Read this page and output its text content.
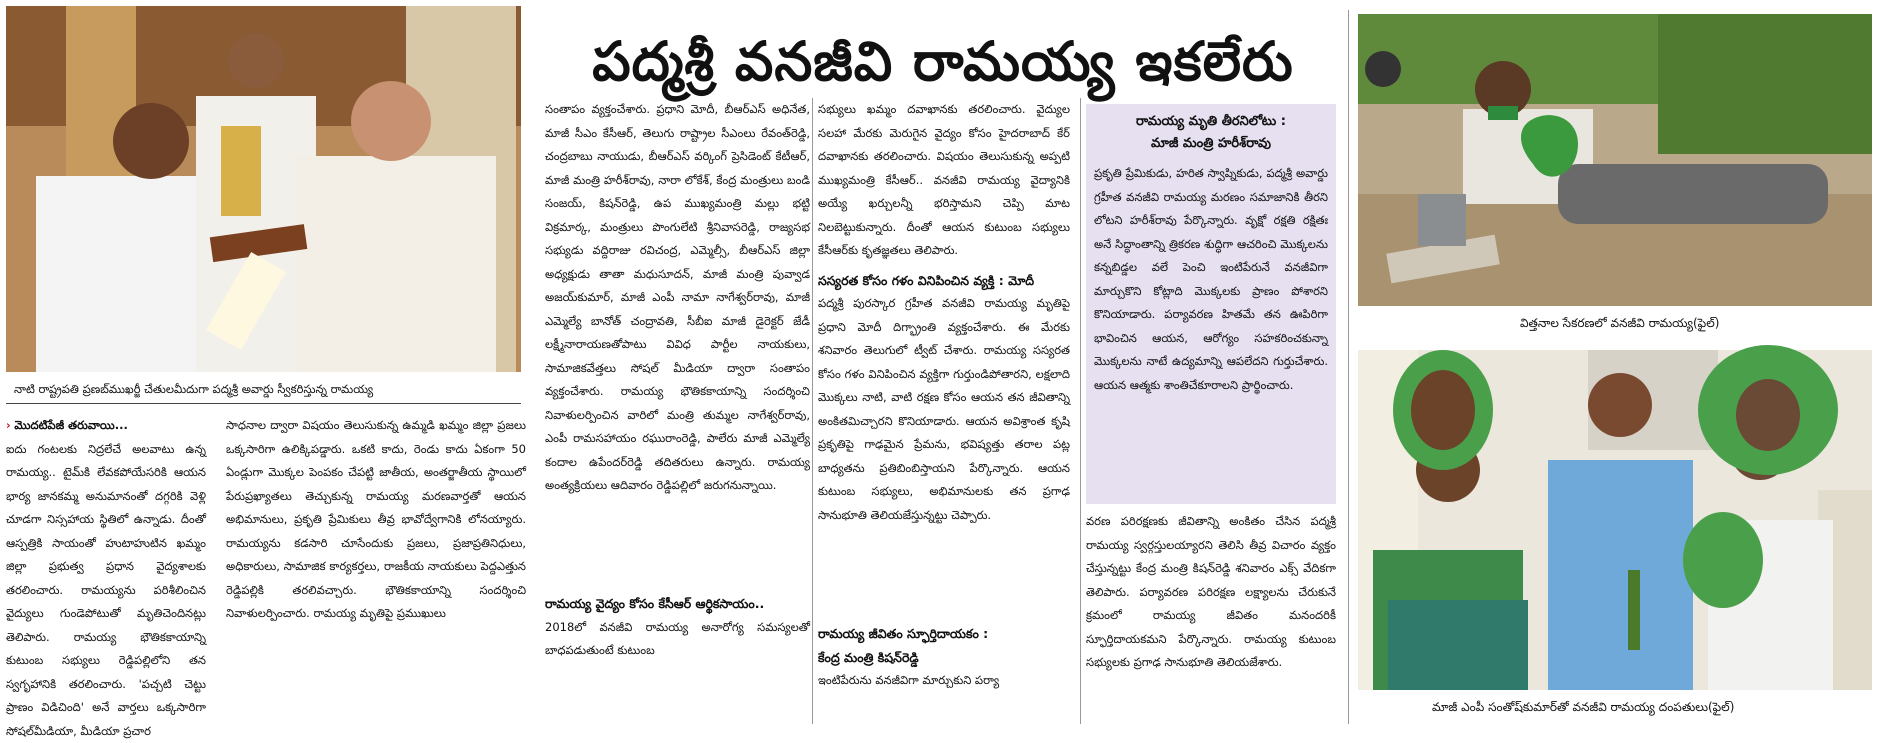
పద్మశ్రీ వనజీవి రామయ్య ఇకలేరు
నాటి రాష్ట్రపతి ప్రణబ్‌ముఖర్జీ చేతులమీదుగా పద్మశ్రీ అవార్డు స్వీకరిస్తున్న రామయ్య

› మొదటిపేజీ తరువాయి...

ఐదు గంటలకు నిద్రలేచే అలవాటు ఉన్న రామయ్య.. టైమ్‌కి లేవకపోయేసరికి ఆయన భార్య జానకమ్మ అనుమానంతో దగ్గరికి వెళ్లి చూడగా నిస్సహాయ స్థితిలో ఉన్నాడు. దీంతో ఆస్పత్రికి సాయంతో హుటాహుటిన ఖమ్మం జిల్లా ప్రభుత్వ ప్రధాన వైద్యశాలకు తరలించారు. రామయ్యను పరిశీలించిన వైద్యులు గుండెపోటుతో మృతిచెందినట్లు తెలిపారు. రామయ్య భౌతికకాయాన్ని కుటుంబ సభ్యులు రెడ్డిపల్లిలోని తన స్వగృహానికి తరలించారు. 'పచ్చటి చెట్టు ప్రాణం విడిచింది' అనే వార్తలు ఒక్కసారిగా సోషల్‌మీడియా, మీడియా ప్రచార

సంతాపం వ్యక్తంచేశారు. ప్రధాని మోదీ, బీఆర్‌ఎస్ అధినేత, మాజీ సీఎం కేసీఆర్, తెలుగు రాష్ట్రాల సీఎంలు రేవంత్‌రెడ్డి, చంద్రబాబు నాయుడు, బీఆర్‌ఎస్ వర్కింగ్ ప్రెసిడెంట్ కేటీఆర్, మాజీ మంత్రి హరీశ్‌రావు, నారా లోకేశ్, కేంద్ర మంత్రులు బండి సంజయ్, కిషన్‌రెడ్డి, ఉప ముఖ్యమంత్రి మల్లు భట్టి విక్రమార్క, మంత్రులు పొంగులేటి శ్రీనివాసరెడ్డి, రాజ్యసభ సభ్యుడు వద్దిరాజు రవిచంద్ర, ఎమ్మెల్సీ, బీఆర్‌ఎస్ జిల్లా అధ్యక్షుడు తాతా మధుసూదన్, మాజీ మంత్రి పువ్వాడ అజయ్‌కుమార్, మాజీ ఎంపీ నామా నాగేశ్వర్‌రావు, మాజీ ఎమ్మెల్యే బానోత్ చంద్రావతి, సీబీఐ మాజీ డైరెక్టర్ జేడీ లక్ష్మీనారాయణతోపాటు వివిధ పార్టీల నాయకులు, సామాజికవేత్తలు సోషల్ మీడియా ద్వారా సంతాపం వ్యక్తంచేశారు. రామయ్య భౌతికకాయాన్ని సందర్శించి నివాళులర్పించిన వారిలో మంత్రి తుమ్మల నాగేశ్వర్‌రావు, ఎంపీ రామసహాయం రఘురాంరెడ్డి, పాలేరు మాజీ ఎమ్మెల్యే కందాల ఉపేందర్‌రెడ్డి తదితరులు ఉన్నారు. రామయ్య అంత్యక్రియలు ఆదివారం రెడ్డిపల్లిలో జరుగనున్నాయి.

సాధనాల ద్వారా విషయం తెలుసుకున్న ఉమ్మడి ఖమ్మం జిల్లా ప్రజలు ఒక్కసారిగా ఉలిక్కిపడ్డారు. ఒకటి కాదు, రెండు కాదు ఏకంగా 50 ఏండ్లుగా మొక్కల పెంపకం చేపట్టి జాతీయ, అంతర్జాతీయ స్థాయిలో పేరుప్రఖ్యాతలు తెచ్చుకున్న రామయ్య మరణవార్తతో ఆయన అభిమానులు, ప్రకృతి ప్రేమికులు తీవ్ర భావోద్వేగానికి లోనయ్యారు. రామయ్యను కడసారి చూసేందుకు ప్రజలు, ప్రజాప్రతినిధులు, అధికారులు, సామాజిక కార్యకర్తలు, రాజకీయ నాయకులు పెద్దఎత్తున రెడ్డిపల్లికి తరలివచ్చారు. భౌతికకాయాన్ని సందర్శించి నివాళులర్పించారు. రామయ్య మృతిపై ప్రముఖులు

రామయ్య వైద్యం కోసం కేసీఆర్ ఆర్థికసాయం..

2018లో వనజీవి రామయ్య అనారోగ్య సమస్యలతో బాధపడుతుంటే కుటుంబ

సభ్యులు ఖమ్మం దవాఖానకు తరలించారు. వైద్యుల సలహా మేరకు మెరుగైన వైద్యం కోసం హైదరాబాద్ కేర్ దవాఖానకు తరలించారు. విషయం తెలుసుకున్న అప్పటి ముఖ్యమంత్రి కేసీఆర్.. వనజీవి రామయ్య వైద్యానికి అయ్యే ఖర్చులన్నీ భరిస్తామని చెప్పి మాట నిలబెట్టుకున్నారు. దీంతో ఆయన కుటుంబ సభ్యులు కేసీఆర్‌కు కృతజ్ఞతలు తెలిపారు.

సస్యరత కోసం గళం వినిపించిన వ్యక్తి : మోదీ

పద్మశ్రీ పురస్కార గ్రహీత వనజీవి రామయ్య మృతిపై ప్రధాని మోదీ దిగ్భ్రాంతి వ్యక్తంచేశారు. ఈ మేరకు శనివారం తెలుగులో ట్వీట్ చేశారు. రామయ్య సస్యరత కోసం గళం వినిపించిన వ్యక్తిగా గుర్తుండిపోతారని, లక్షలాది మొక్కలు నాటి, వాటి రక్షణ కోసం ఆయన తన జీవితాన్ని అంకితమిచ్చారని కొనియాడారు. ఆయన అవిశ్రాంత కృషి ప్రకృతిపై గాఢమైన ప్రేమను, భవిష్యత్తు తరాల పట్ల బాధ్యతను ప్రతిబింబిస్తాయని పేర్కొన్నారు. ఆయన కుటుంబ సభ్యులు, అభిమానులకు తన ప్రగాఢ సానుభూతి తెలియజేస్తున్నట్టు చెప్పారు.

రామయ్య జీవితం స్ఫూర్తిదాయకం :

కేంద్ర మంత్రి కిషన్‌రెడ్డి

ఇంటిపేరును వనజీవిగా మార్చుకుని పర్యా

రామయ్య మృతి తీరనిలోటు :
మాజీ మంత్రి హరీశ్‌రావు
ప్రకృతి ప్రేమికుడు, హరిత స్వాప్నికుడు, పద్మశ్రీ అవార్డు గ్రహీత వనజీవి రామయ్య మరణం సమాజానికి తీరని లోటని హరీశ్‌రావు పేర్కొన్నారు. వృక్షో రక్షతి రక్షితః అనే సిద్ధాంతాన్ని త్రికరణ శుద్ధిగా ఆచరించి మొక్కలను కన్నబిడ్డల వలే పెంచి ఇంటిపేరునే వనజీవిగా మార్చుకొని కోట్లాది మొక్కలకు ప్రాణం పోశారని కొనియాడారు. పర్యావరణ హితమే తన ఊపిరిగా భావించిన ఆయన, ఆరోగ్యం సహకరించకున్నా మొక్కలను నాటే ఉద్యమాన్ని ఆపలేదని గుర్తుచేశారు. ఆయన ఆత్మకు శాంతిచేకూరాలని ప్రార్థించారు.

వరణ పరిరక్షణకు జీవితాన్ని అంకితం చేసిన పద్మశ్రీ రామయ్య స్వర్గస్తులయ్యారని తెలిసి తీవ్ర విచారం వ్యక్తం చేస్తున్నట్టు కేంద్ర మంత్రి కిషన్‌రెడ్డి శనివారం ఎక్స్ వేదికగా తెలిపారు. పర్యావరణ పరిరక్షణ లక్ష్యాలను చేరుకునే క్రమంలో రామయ్య జీవితం మనందరికీ స్ఫూర్తిదాయకమని పేర్కొన్నారు. రామయ్య కుటుంబ సభ్యులకు ప్రగాఢ సానుభూతి తెలియజేశారు.

విత్తనాల సేకరణలో వనజీవి రామయ్య(ఫైల్)
మాజీ ఎంపీ సంతోష్‌కుమార్‌తో వనజీవి రామయ్య దంపతులు(ఫైల్)
